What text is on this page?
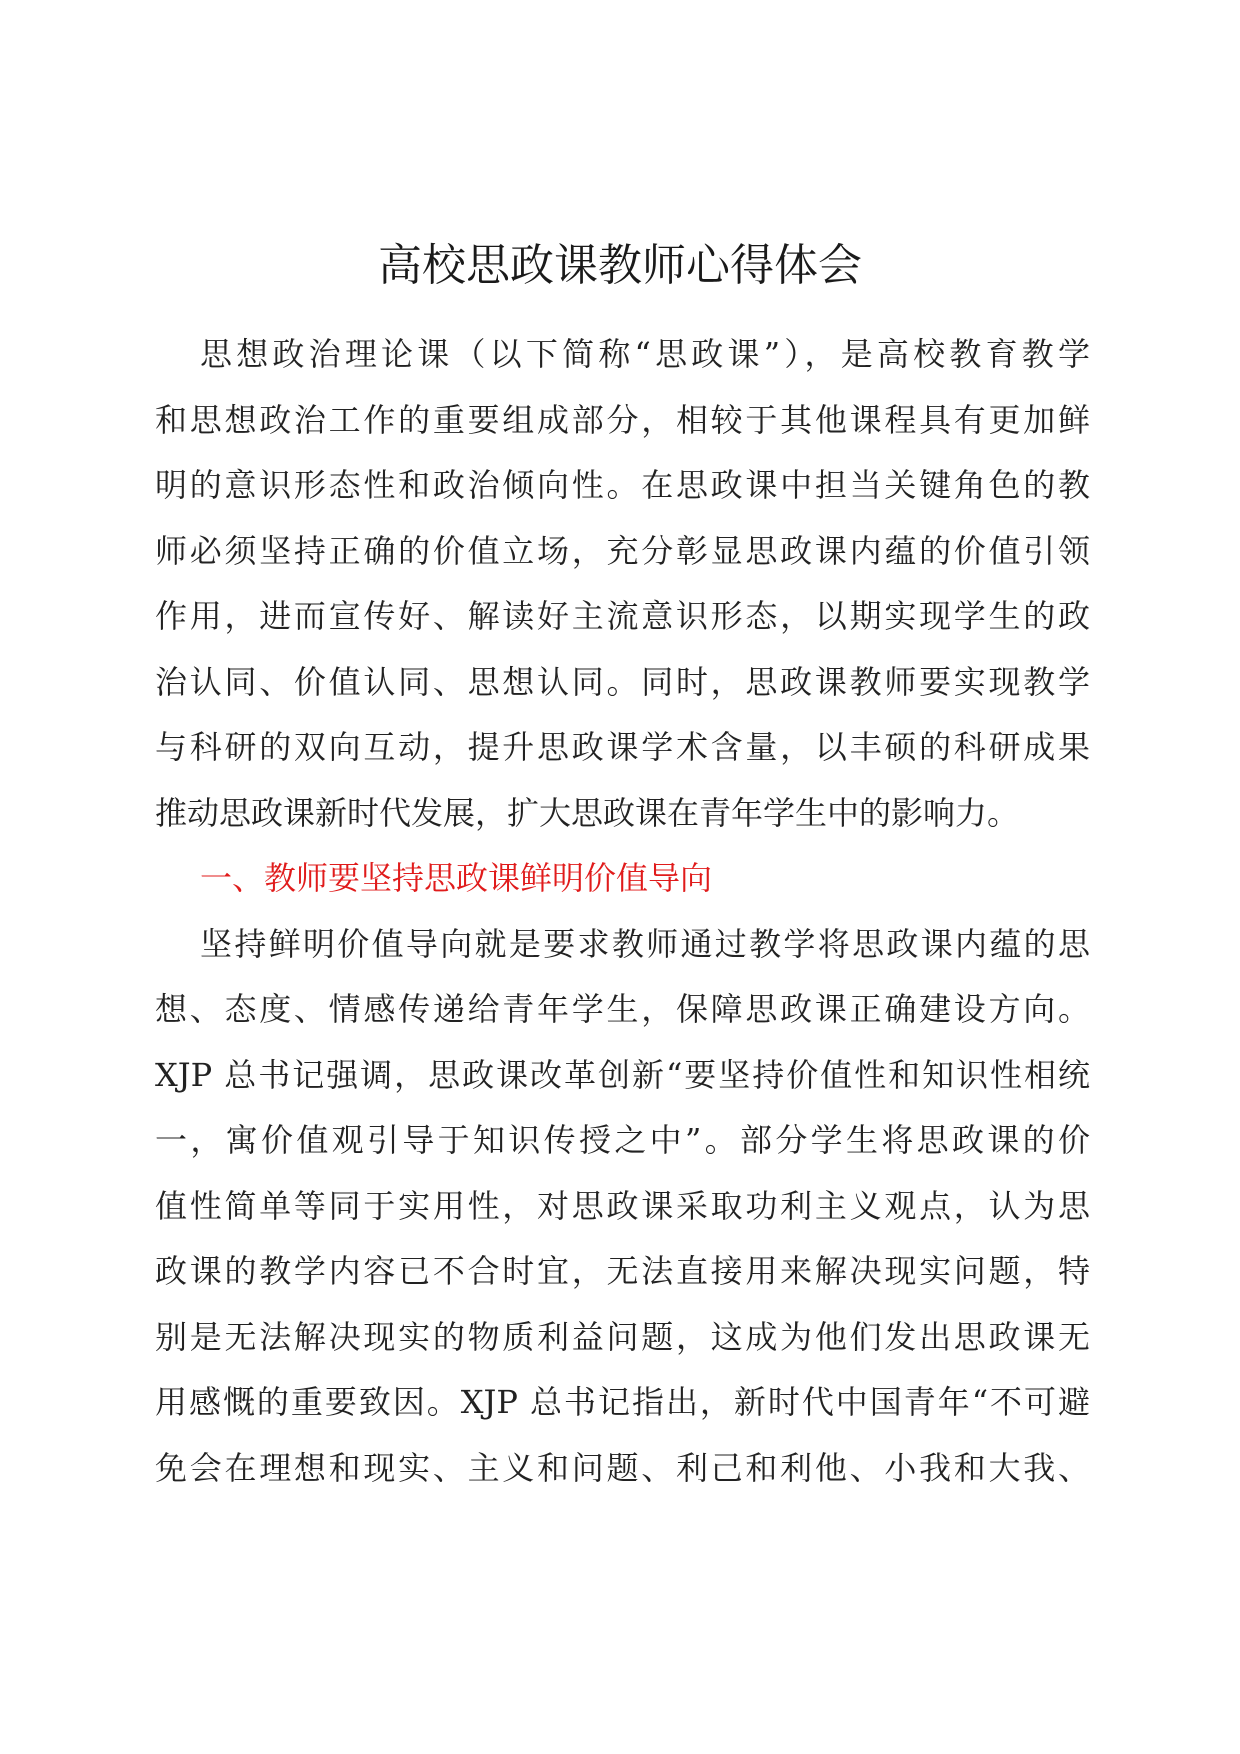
高校思政课教师心得体会
思想政治理论课（以下简称“思政课”），是高校教育教学
和思想政治工作的重要组成部分，相较于其他课程具有更加鲜
明的意识形态性和政治倾向性。在思政课中担当关键角色的教
师必须坚持正确的价值立场，充分彰显思政课内蕴的价值引领
作用，进而宣传好、解读好主流意识形态，以期实现学生的政
治认同、价值认同、思想认同。同时，思政课教师要实现教学
与科研的双向互动，提升思政课学术含量，以丰硕的科研成果
推动思政课新时代发展，扩大思政课在青年学生中的影响力。
一、教师要坚持思政课鲜明价值导向
坚持鲜明价值导向就是要求教师通过教学将思政课内蕴的思
想、态度、情感传递给青年学生，保障思政课正确建设方向。
XJP 总书记强调，思政课改革创新“要坚持价值性和知识性相统
一，寓价值观引导于知识传授之中”。部分学生将思政课的价
值性简单等同于实用性，对思政课采取功利主义观点，认为思
政课的教学内容已不合时宜，无法直接用来解决现实问题，特
别是无法解决现实的物质利益问题，这成为他们发出思政课无
用感慨的重要致因。XJP 总书记指出，新时代中国青年“不可避
免会在理想和现实、主义和问题、利己和利他、小我和大我、
